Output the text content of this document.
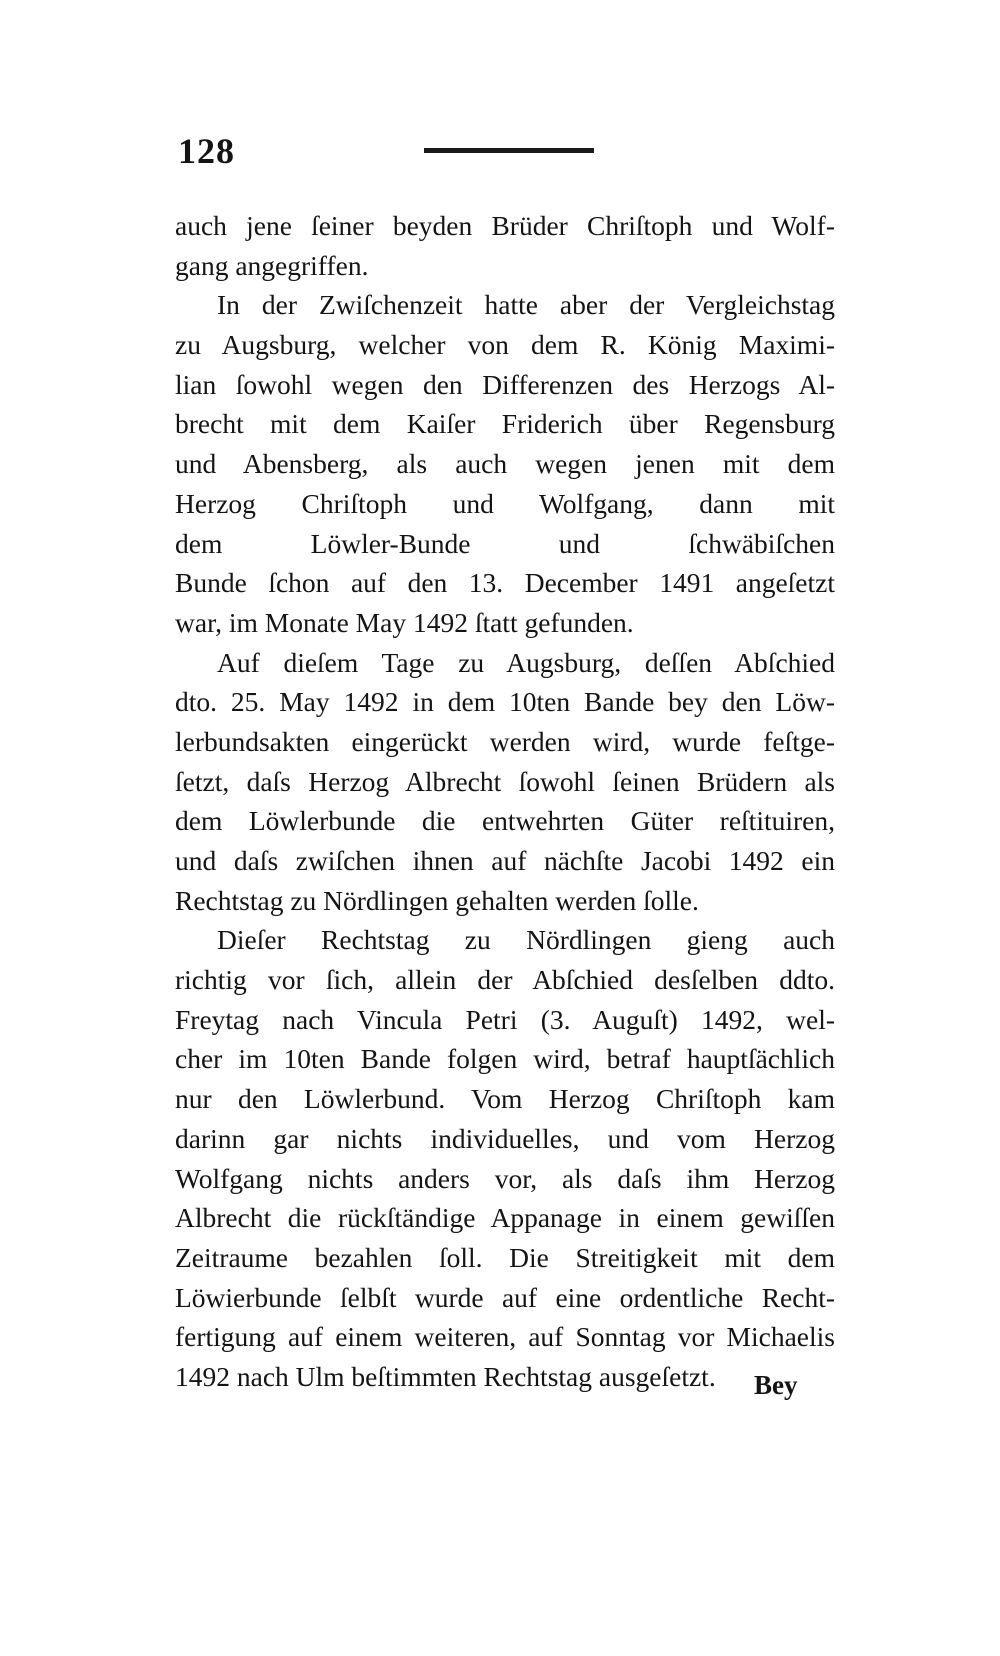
128
auch jene ſeiner beyden Brüder Chriſtoph und Wolf-
gang angegriffen.
In der Zwiſchenzeit hatte aber der Vergleichstag
zu Augsburg, welcher von dem R. König Maximi-
lian ſowohl wegen den Differenzen des Herzogs Al-
brecht mit dem Kaiſer Friderich über Regensburg
und Abensberg, als auch wegen jenen mit dem
Herzog Chriſtoph und Wolfgang, dann mit
dem Löwler-Bunde und ſchwäbiſchen
Bunde ſchon auf den 13. December 1491 angeſetzt
war, im Monate May 1492 ſtatt gefunden.
Auf dieſem Tage zu Augsburg, deſſen Abſchied
dto. 25. May 1492 in dem 10ten Bande bey den Löw-
lerbundsakten eingerückt werden wird, wurde feſtge-
ſetzt, daſs Herzog Albrecht ſowohl ſeinen Brüdern als
dem Löwlerbunde die entwehrten Güter reſtituiren,
und daſs zwiſchen ihnen auf nächſte Jacobi 1492 ein
Rechtstag zu Nördlingen gehalten werden ſolle.
Dieſer Rechtstag zu Nördlingen gieng auch
richtig vor ſich, allein der Abſchied desſelben ddto.
Freytag nach Vincula Petri (3. Auguſt) 1492, wel-
cher im 10ten Bande folgen wird, betraf hauptſächlich
nur den Löwlerbund. Vom Herzog Chriſtoph kam
darinn gar nichts individuelles, und vom Herzog
Wolfgang nichts anders vor, als daſs ihm Herzog
Albrecht die rückſtändige Appanage in einem gewiſſen
Zeitraume bezahlen ſoll. Die Streitigkeit mit dem
Löwierbunde ſelbſt wurde auf eine ordentliche Recht-
fertigung auf einem weiteren, auf Sonntag vor Michaelis
1492 nach Ulm beſtimmten Rechtstag ausgeſetzt.	Bey
